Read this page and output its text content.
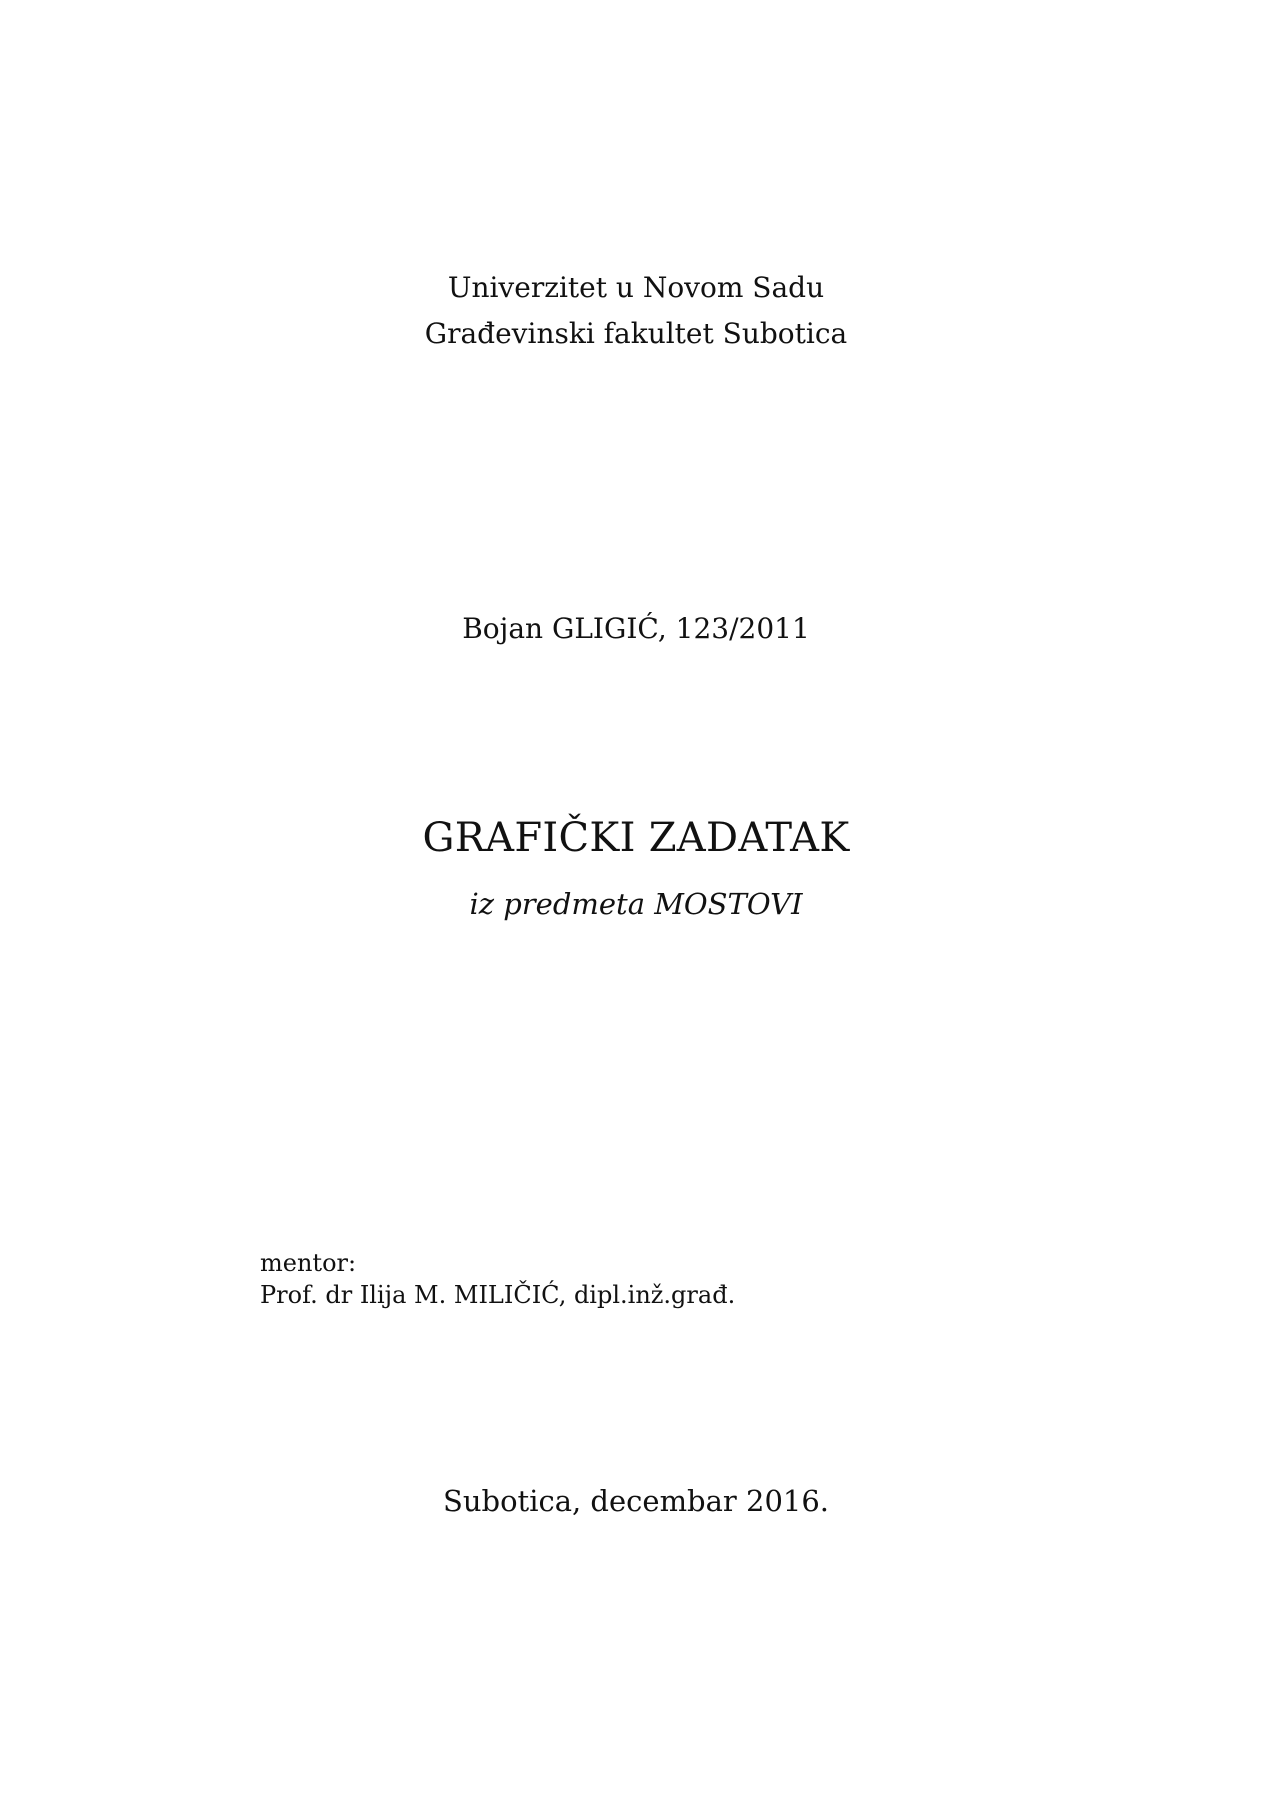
Univerzitet u Novom Sadu
Građevinski fakultet Subotica
Bojan GLIGIĆ, 123/2011
GRAFIČKI ZADATAK
iz predmeta MOSTOVI
mentor:
Prof. dr Ilija M. MILIČIĆ, dipl.inž.građ.
Subotica, decembar 2016.
